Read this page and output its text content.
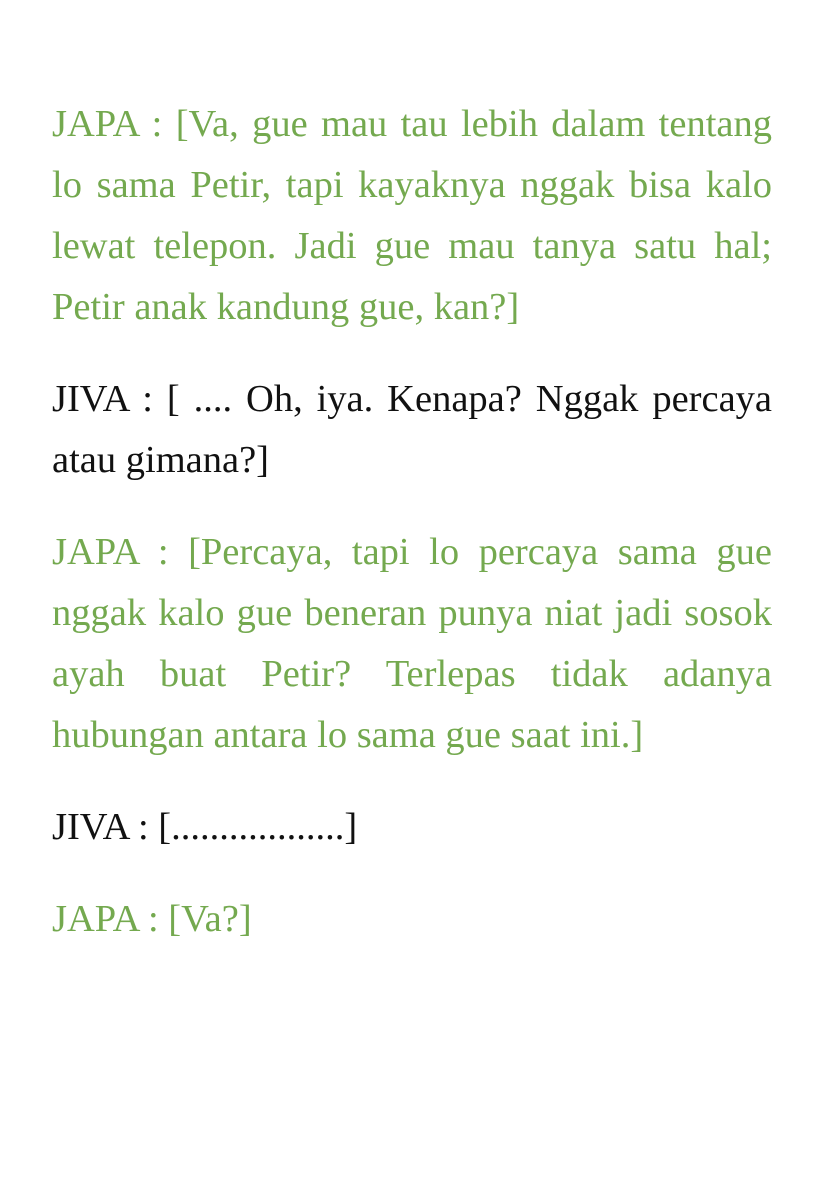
JAPA : [Va, gue mau tau lebih dalam tentang lo sama Petir, tapi kayaknya nggak bisa kalo lewat telepon. Jadi gue mau tanya satu hal; Petir anak kandung gue, kan?]

JIVA : [ .... Oh, iya. Kenapa? Nggak percaya atau gimana?]

JAPA : [Percaya, tapi lo percaya sama gue nggak kalo gue beneran punya niat jadi sosok ayah buat Petir? Terlepas tidak adanya hubungan antara lo sama gue saat ini.]

JIVA : [..................]

JAPA : [Va?]
